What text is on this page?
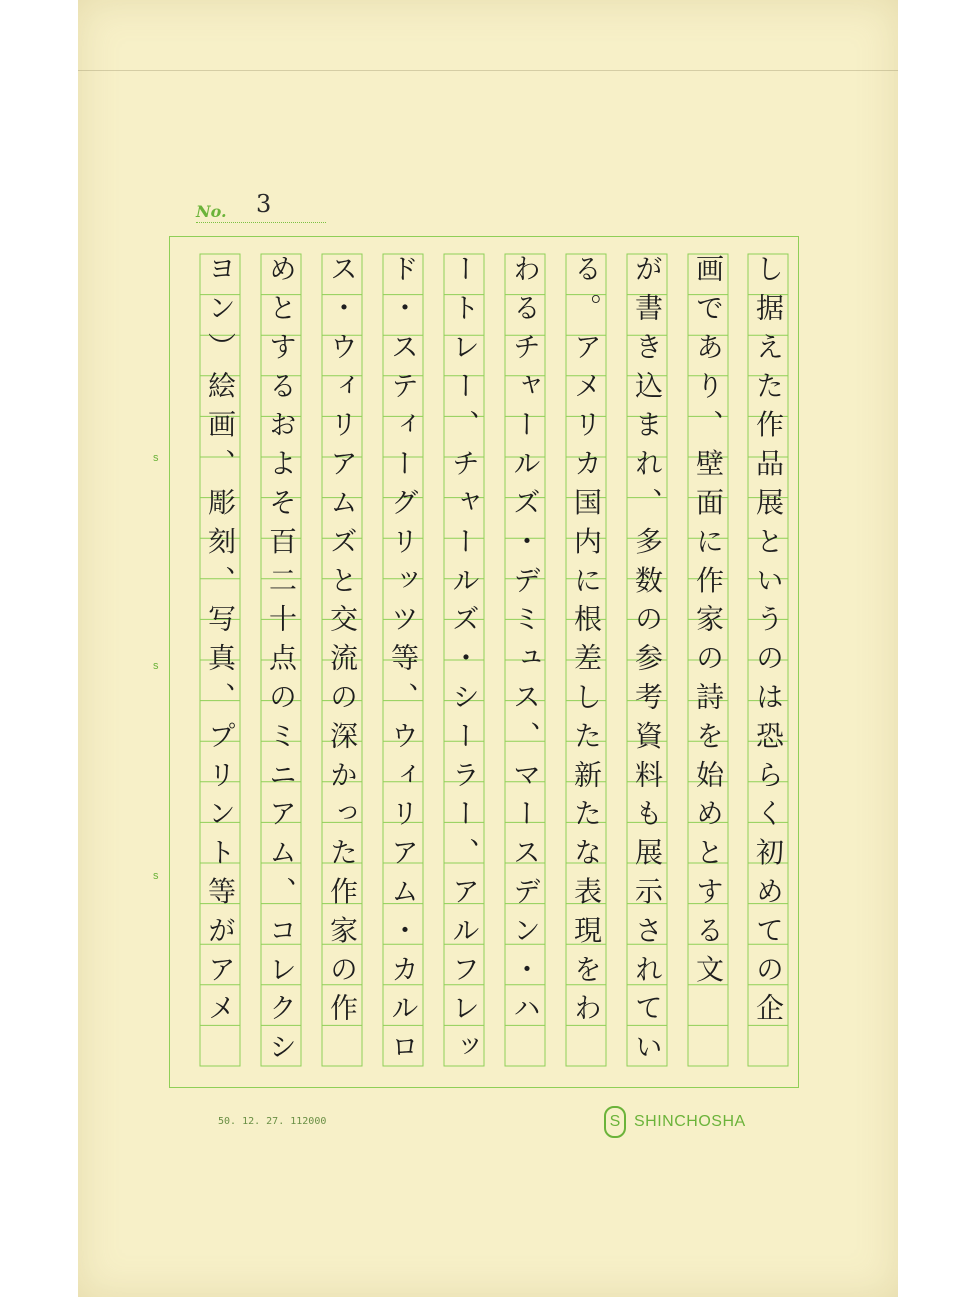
No. 3
s
s
s	し据えた作品展というのは恐らく初めての企
画であり、壁面に作家の詩を始めとする文
が書き込まれ、多数の参考資料も展示されてい
る。アメリカ国内に根差した新たな表現をわ
わるチャールズ・デミュス、マースデン・ハ
ートレー、チャールズ・シーラー、アルフレッ
ド・スティーグリッツ等、ウィリアム・カルロ
ス・ウィリアムズと交流の深かった作家の作
めとするおよそ百二十点のミニアム、コレクシ
ヨン）絵画、彫刻、写真、プリント等がアメ
50. 12. 27. 112000	S SHINCHOSHA
